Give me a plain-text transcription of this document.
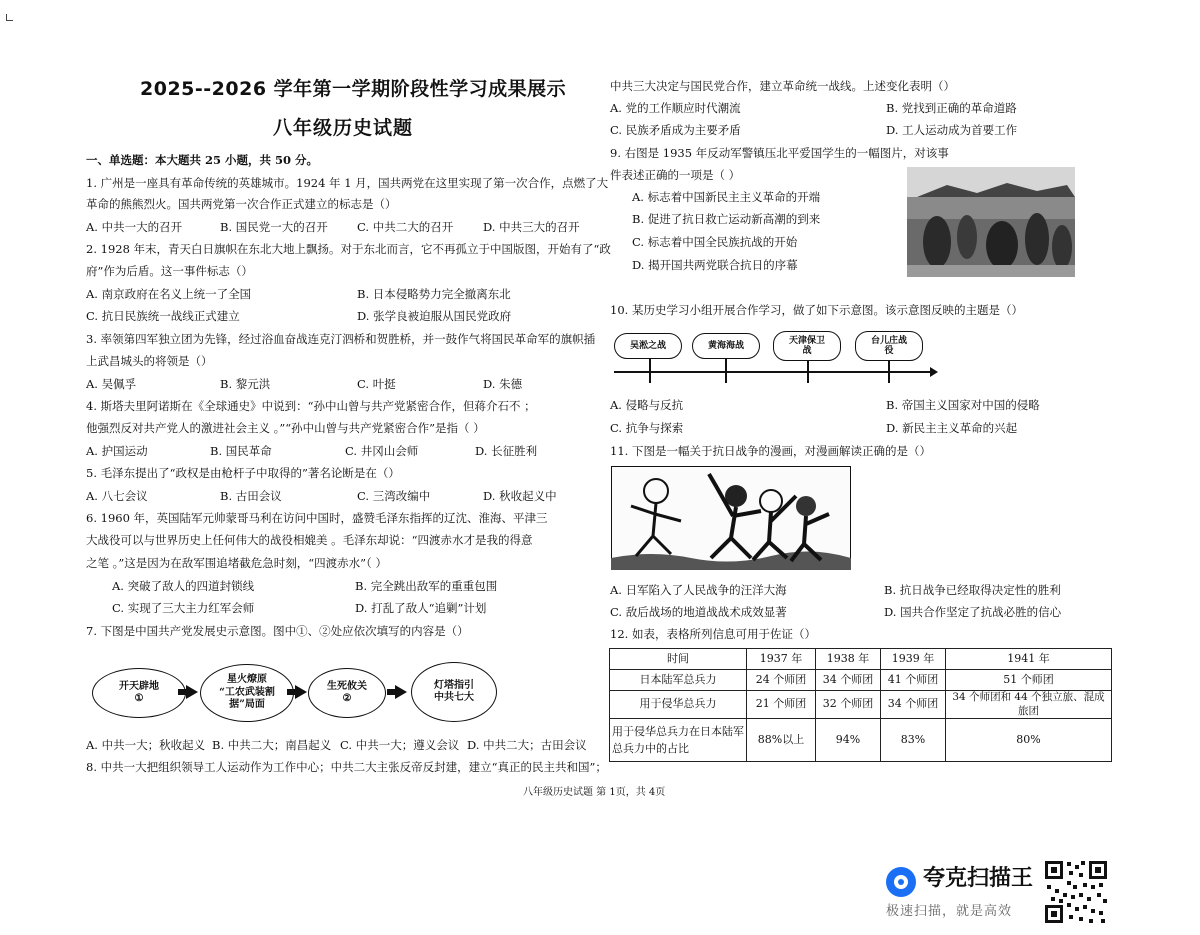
2025--2026 学年第一学期阶段性学习成果展示
八年级历史试题
一、单选题：本大题共 25 小题，共 50 分。
1. 广州是一座具有革命传统的英雄城市。1924 年 1 月，国共两党在这里实现了第一次合作，点燃了大
革命的熊熊烈火。国共两党第一次合作正式建立的标志是（）
A. 中共一大的召开	B. 国民党一大的召开	C. 中共二大的召开	D. 中共三大的召开
2. 1928 年末，青天白日旗帜在东北大地上飘扬。对于东北而言，它不再孤立于中国版图，开始有了“政
府”作为后盾。这一事件标志（）
A. 南京政府在名义上统一了全国	B. 日本侵略势力完全撤离东北
C. 抗日民族统一战线正式建立	D. 张学良被迫服从国民党政府
3. 率领第四军独立团为先锋，经过浴血奋战连克汀泗桥和贺胜桥，并一鼓作气将国民革命军的旗帜插
上武昌城头的将领是（）
A. 吴佩孚	B. 黎元洪	C. 叶挺	D. 朱德
4. 斯塔夫里阿诺斯在《全球通史》中说到：“孙中山曾与共产党紧密合作，但蒋介石不 ；
他强烈反对共产党人的激进社会主义 。”“孙中山曾与共产党紧密合作”是指（ ）
A. 护国运动	B. 国民革命	C. 井冈山会师	D. 长征胜利
5. 毛泽东提出了“政权是由枪杆子中取得的”著名论断是在（）
A. 八七会议	B. 古田会议	C. 三湾改编中	D. 秋收起义中
6. 1960 年，英国陆军元帅蒙哥马利在访问中国时，盛赞毛泽东指挥的辽沈、淮海、平津三
大战役可以与世界历史上任何伟大的战役相媲美 。毛泽东却说：“四渡赤水才是我的得意
之笔 。”这是因为在敌军围追堵截危急时刻，“四渡赤水”（ ）
A. 突破了敌人的四道封锁线	B. 完全跳出敌军的重重包围
C. 实现了三大主力红军会师	D. 打乱了敌人“追剿”计划
7. 下图是中国共产党发展史示意图。图中①、②处应依次填写的内容是（）
开天辟地
①
星火燎原
“工农武装割
据”局面
生死攸关
②
灯塔指引
中共七大
A. 中共一大；秋收起义 B. 中共二大；南昌起义 C. 中共一大；遵义会议 D. 中共二大；古田会议
8. 中共一大把组织领导工人运动作为工作中心；中共二大主张反帝反封建，建立“真正的民主共和国”；
中共三大决定与国民党合作，建立革命统一战线。上述变化表明（）
A. 党的工作顺应时代潮流	B. 党找到正确的革命道路
C. 民族矛盾成为主要矛盾	D. 工人运动成为首要工作
9. 右图是 1935 年反动军警镇压北平爱国学生的一幅图片，对该事
件表述正确的一项是（ ）
A. 标志着中国新民主主义革命的开端
B. 促进了抗日救亡运动新高潮的到来
C. 标志着中国全民族抗战的开始
D. 揭开国共两党联合抗日的序幕
10. 某历史学习小组开展合作学习，做了如下示意图。该示意图反映的主题是（）
吴淞之战	黄海海战
天津保卫
战
台儿庄战
役
A. 侵略与反抗	B. 帝国主义国家对中国的侵略
C. 抗争与探索	D. 新民主主义革命的兴起
11. 下图是一幅关于抗日战争的漫画，对漫画解读正确的是（）
A. 日军陷入了人民战争的汪洋大海	B. 抗日战争已经取得决定性的胜利
C. 敌后战场的地道战战术成效显著	D. 国共合作坚定了抗战必胜的信心
12. 如表，表格所列信息可用于佐证（）
时间	1937 年	1938 年	1939 年	1941 年
日本陆军总兵力	24 个师团	34 个师团	41 个师团	51 个师团
用于侵华总兵力	21 个师团	32 个师团	34 个师团	34 个师团和 44 个独立旅、混成旅团
用于侵华总兵力在日本陆军总兵力中的占比	88%以上	94%	83%	80%
八年级历史试题 第 1页，共 4页
夸克扫描王
极速扫描，就是高效
